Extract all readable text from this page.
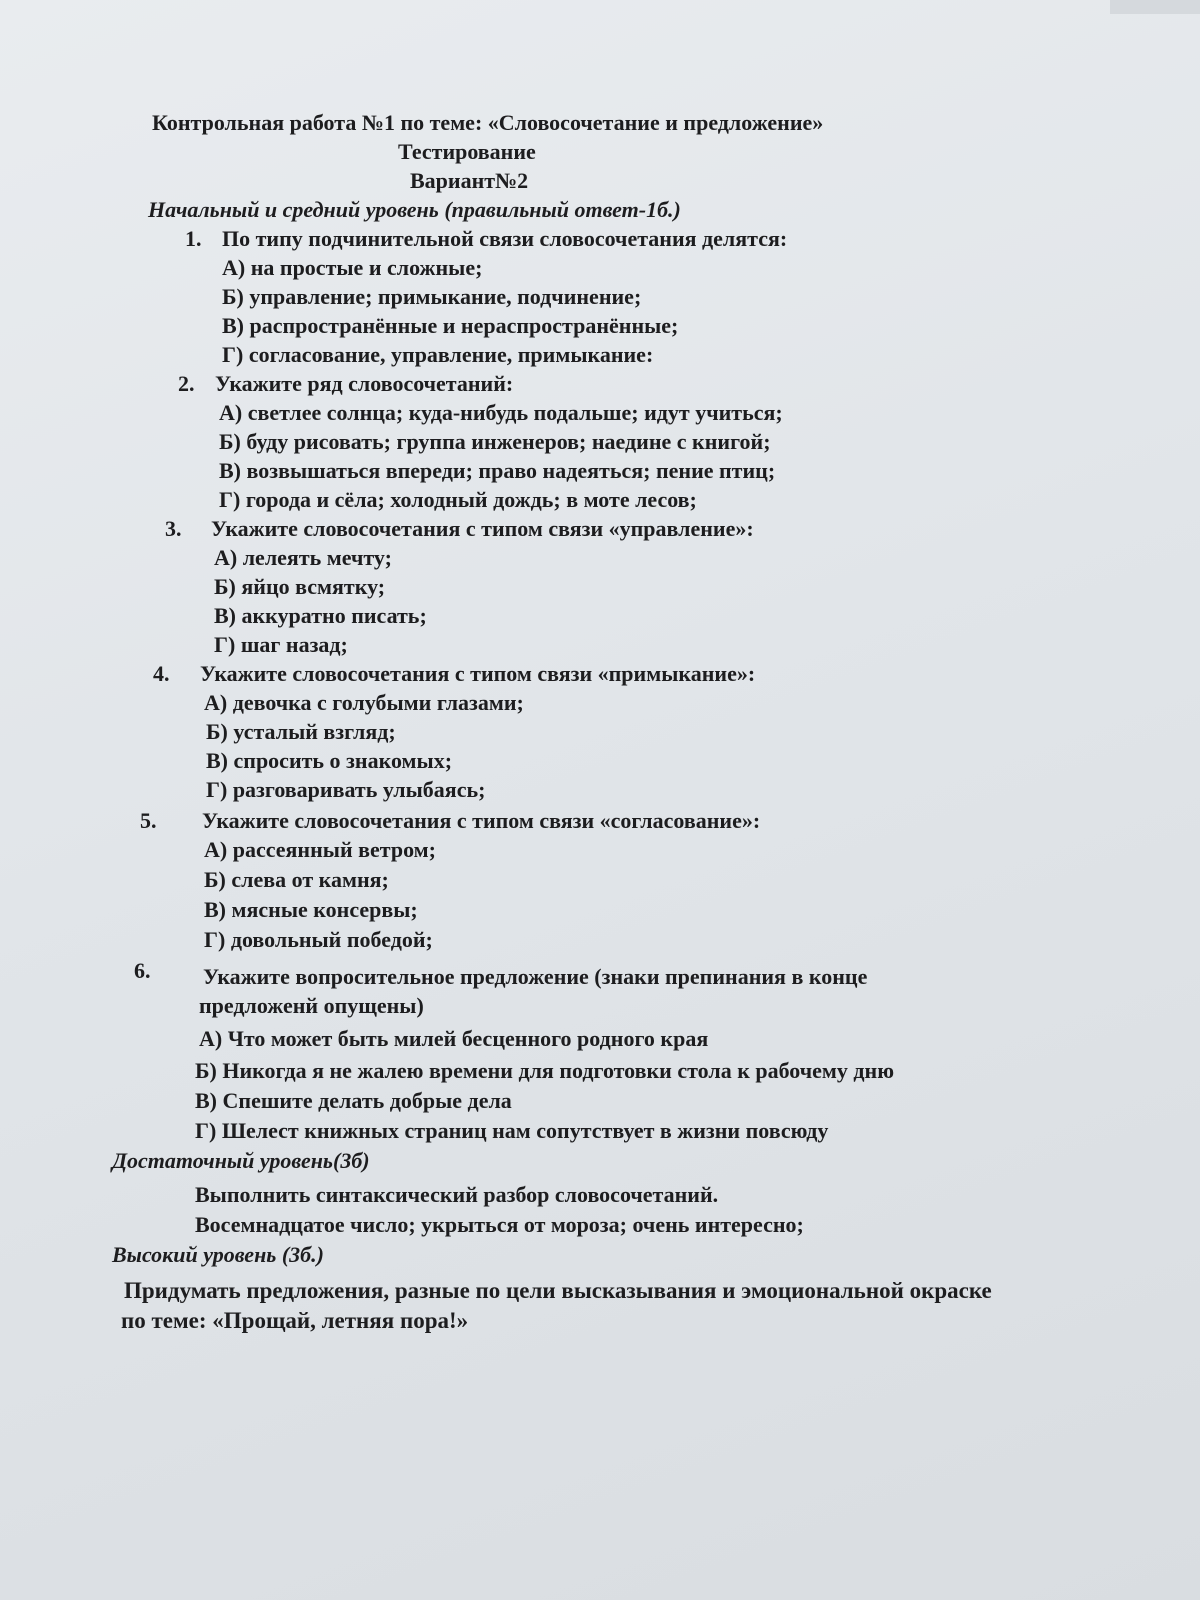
Контрольная работа №1 по теме: «Словосочетание и предложение»
Тестирование
Вариант№2
Начальный и средний уровень (правильный ответ-1б.)
1. По типу подчинительной связи словосочетания делятся:
А) на простые и сложные;
Б) управление; примыкание, подчинение;
В) распространённые и нераспространённые;
Г) согласование, управление, примыкание:
2. Укажите ряд словосочетаний:
А) светлее солнца; куда-нибудь подальше; идут учиться;
Б) буду рисовать; группа инженеров; наедине с книгой;
В) возвышаться впереди; право надеяться; пение птиц;
Г) города и сёла; холодный дождь; в моте лесов;
3. Укажите словосочетания с типом связи «управление»:
А) лелеять мечту;
Б) яйцо всмятку;
В) аккуратно писать;
Г) шаг назад;
4. Укажите словосочетания с типом связи «примыкание»:
А) девочка с голубыми глазами;
Б) усталый взгляд;
В) спросить о знакомых;
Г) разговаривать улыбаясь;
5. Укажите словосочетания с типом связи «согласование»:
А) рассеянный ветром;
Б) слева от камня;
В) мясные консервы;
Г) довольный победой;
6. Укажите вопросительное предложение (знаки препинания в конце
предложенй опущены)
А) Что может быть милей бесценного родного края
Б) Никогда я не жалею времени для подготовки стола к рабочему дню
В) Спешите делать добрые дела
Г) Шелест книжных страниц нам сопутствует в жизни повсюду
Достаточный уровень(3б)
Выполнить синтаксический разбор словосочетаний.
Восемнадцатое число; укрыться от мороза; очень интересно;
Высокий уровень (3б.)
Придумать предложения, разные по цели высказывания и эмоциональной окраске
по теме: «Прощай, летняя пора!»
